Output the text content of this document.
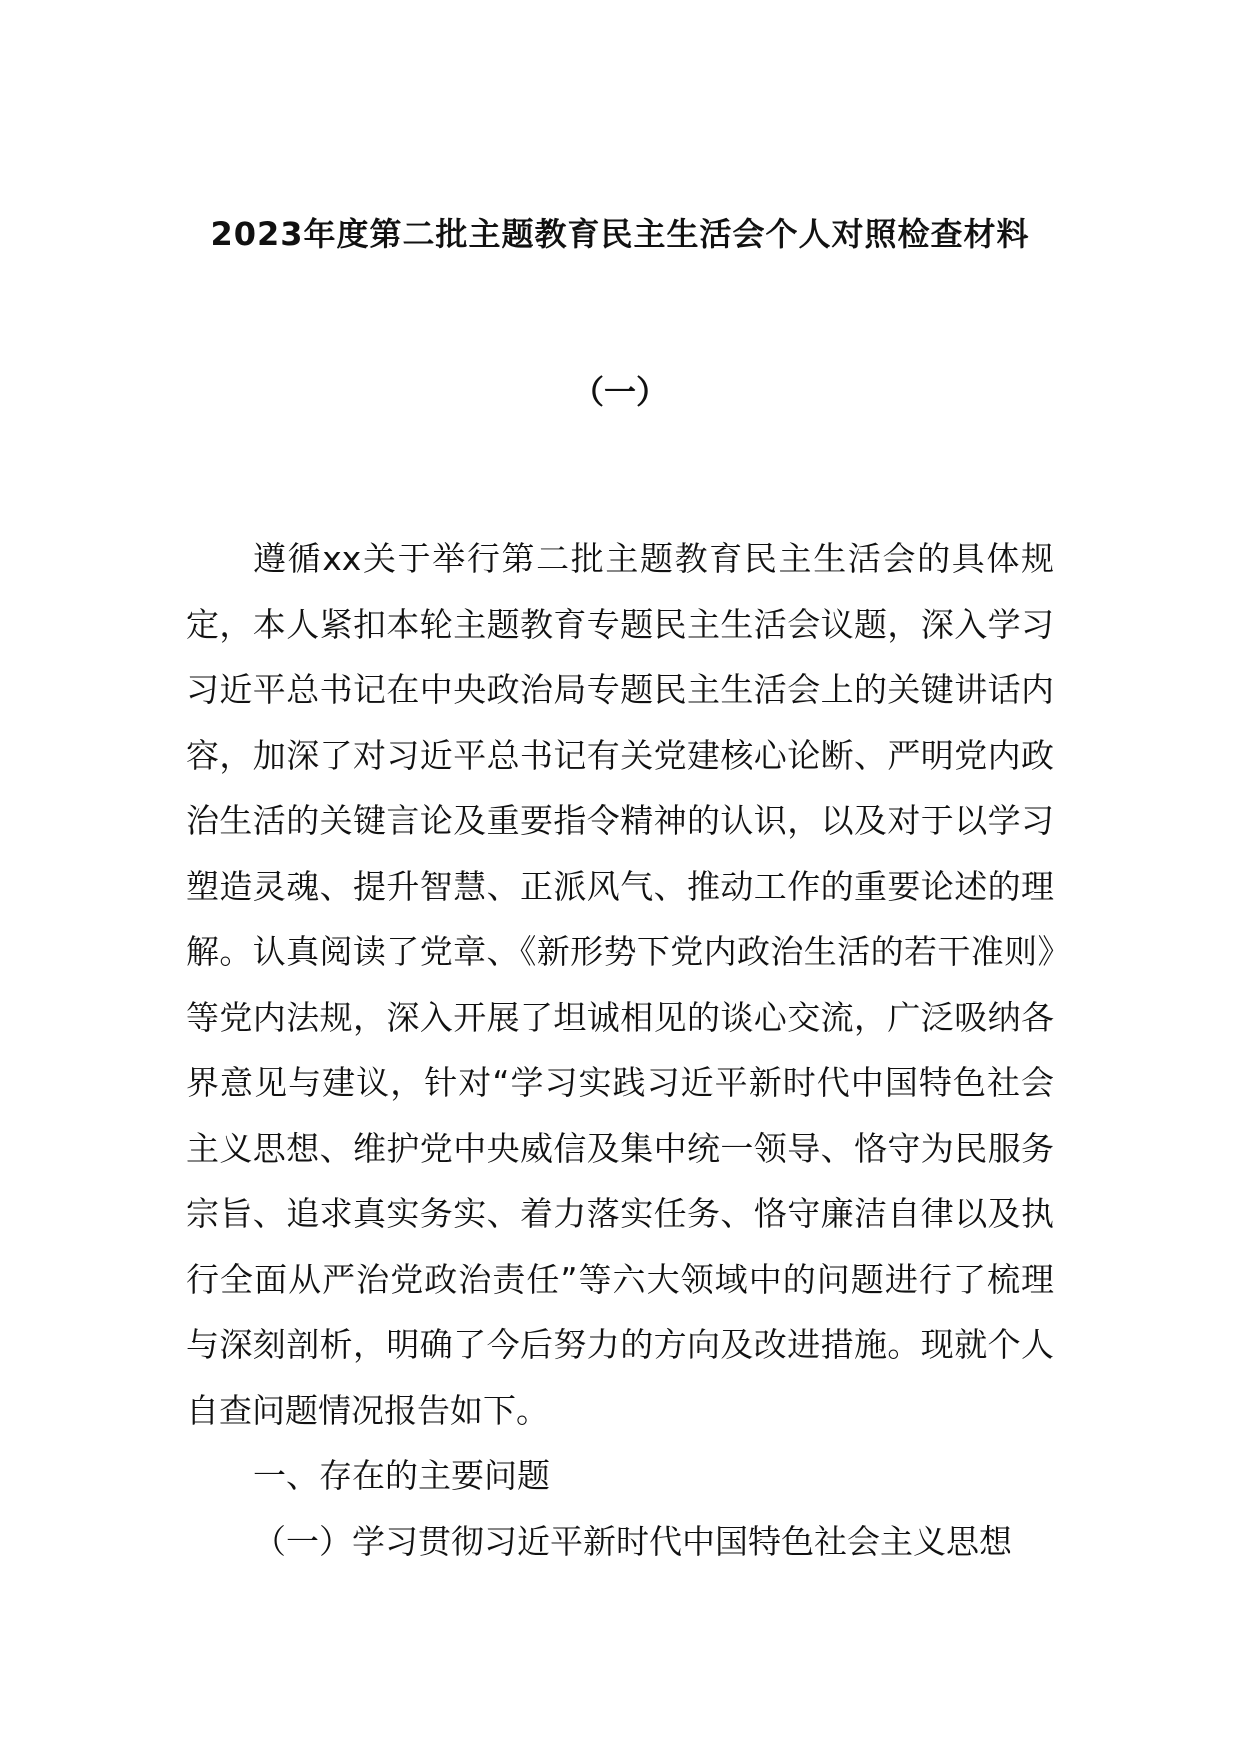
2023年度第二批主题教育民主生活会个人对照检查材料
（一）

遵循xx关于举行第二批主题教育民主生活会的具体规定，本人紧扣本轮主题教育专题民主生活会议题，深入学习习近平总书记在中央政治局专题民主生活会上的关键讲话内容，加深了对习近平总书记有关党建核心论断、严明党内政治生活的关键言论及重要指令精神的认识，以及对于以学习塑造灵魂、提升智慧、正派风气、推动工作的重要论述的理解。认真阅读了党章、《新形势下党内政治生活的若干准则》等党内法规，深入开展了坦诚相见的谈心交流，广泛吸纳各界意见与建议，针对“学习实践习近平新时代中国特色社会主义思想、维护党中央威信及集中统一领导、恪守为民服务宗旨、追求真实务实、着力落实任务、恪守廉洁自律以及执行全面从严治党政治责任”等六大领域中的问题进行了梳理与深刻剖析，明确了今后努力的方向及改进措施。现就个人自查问题情况报告如下。

一、存在的主要问题

（一）学习贯彻习近平新时代中国特色社会主义思想
